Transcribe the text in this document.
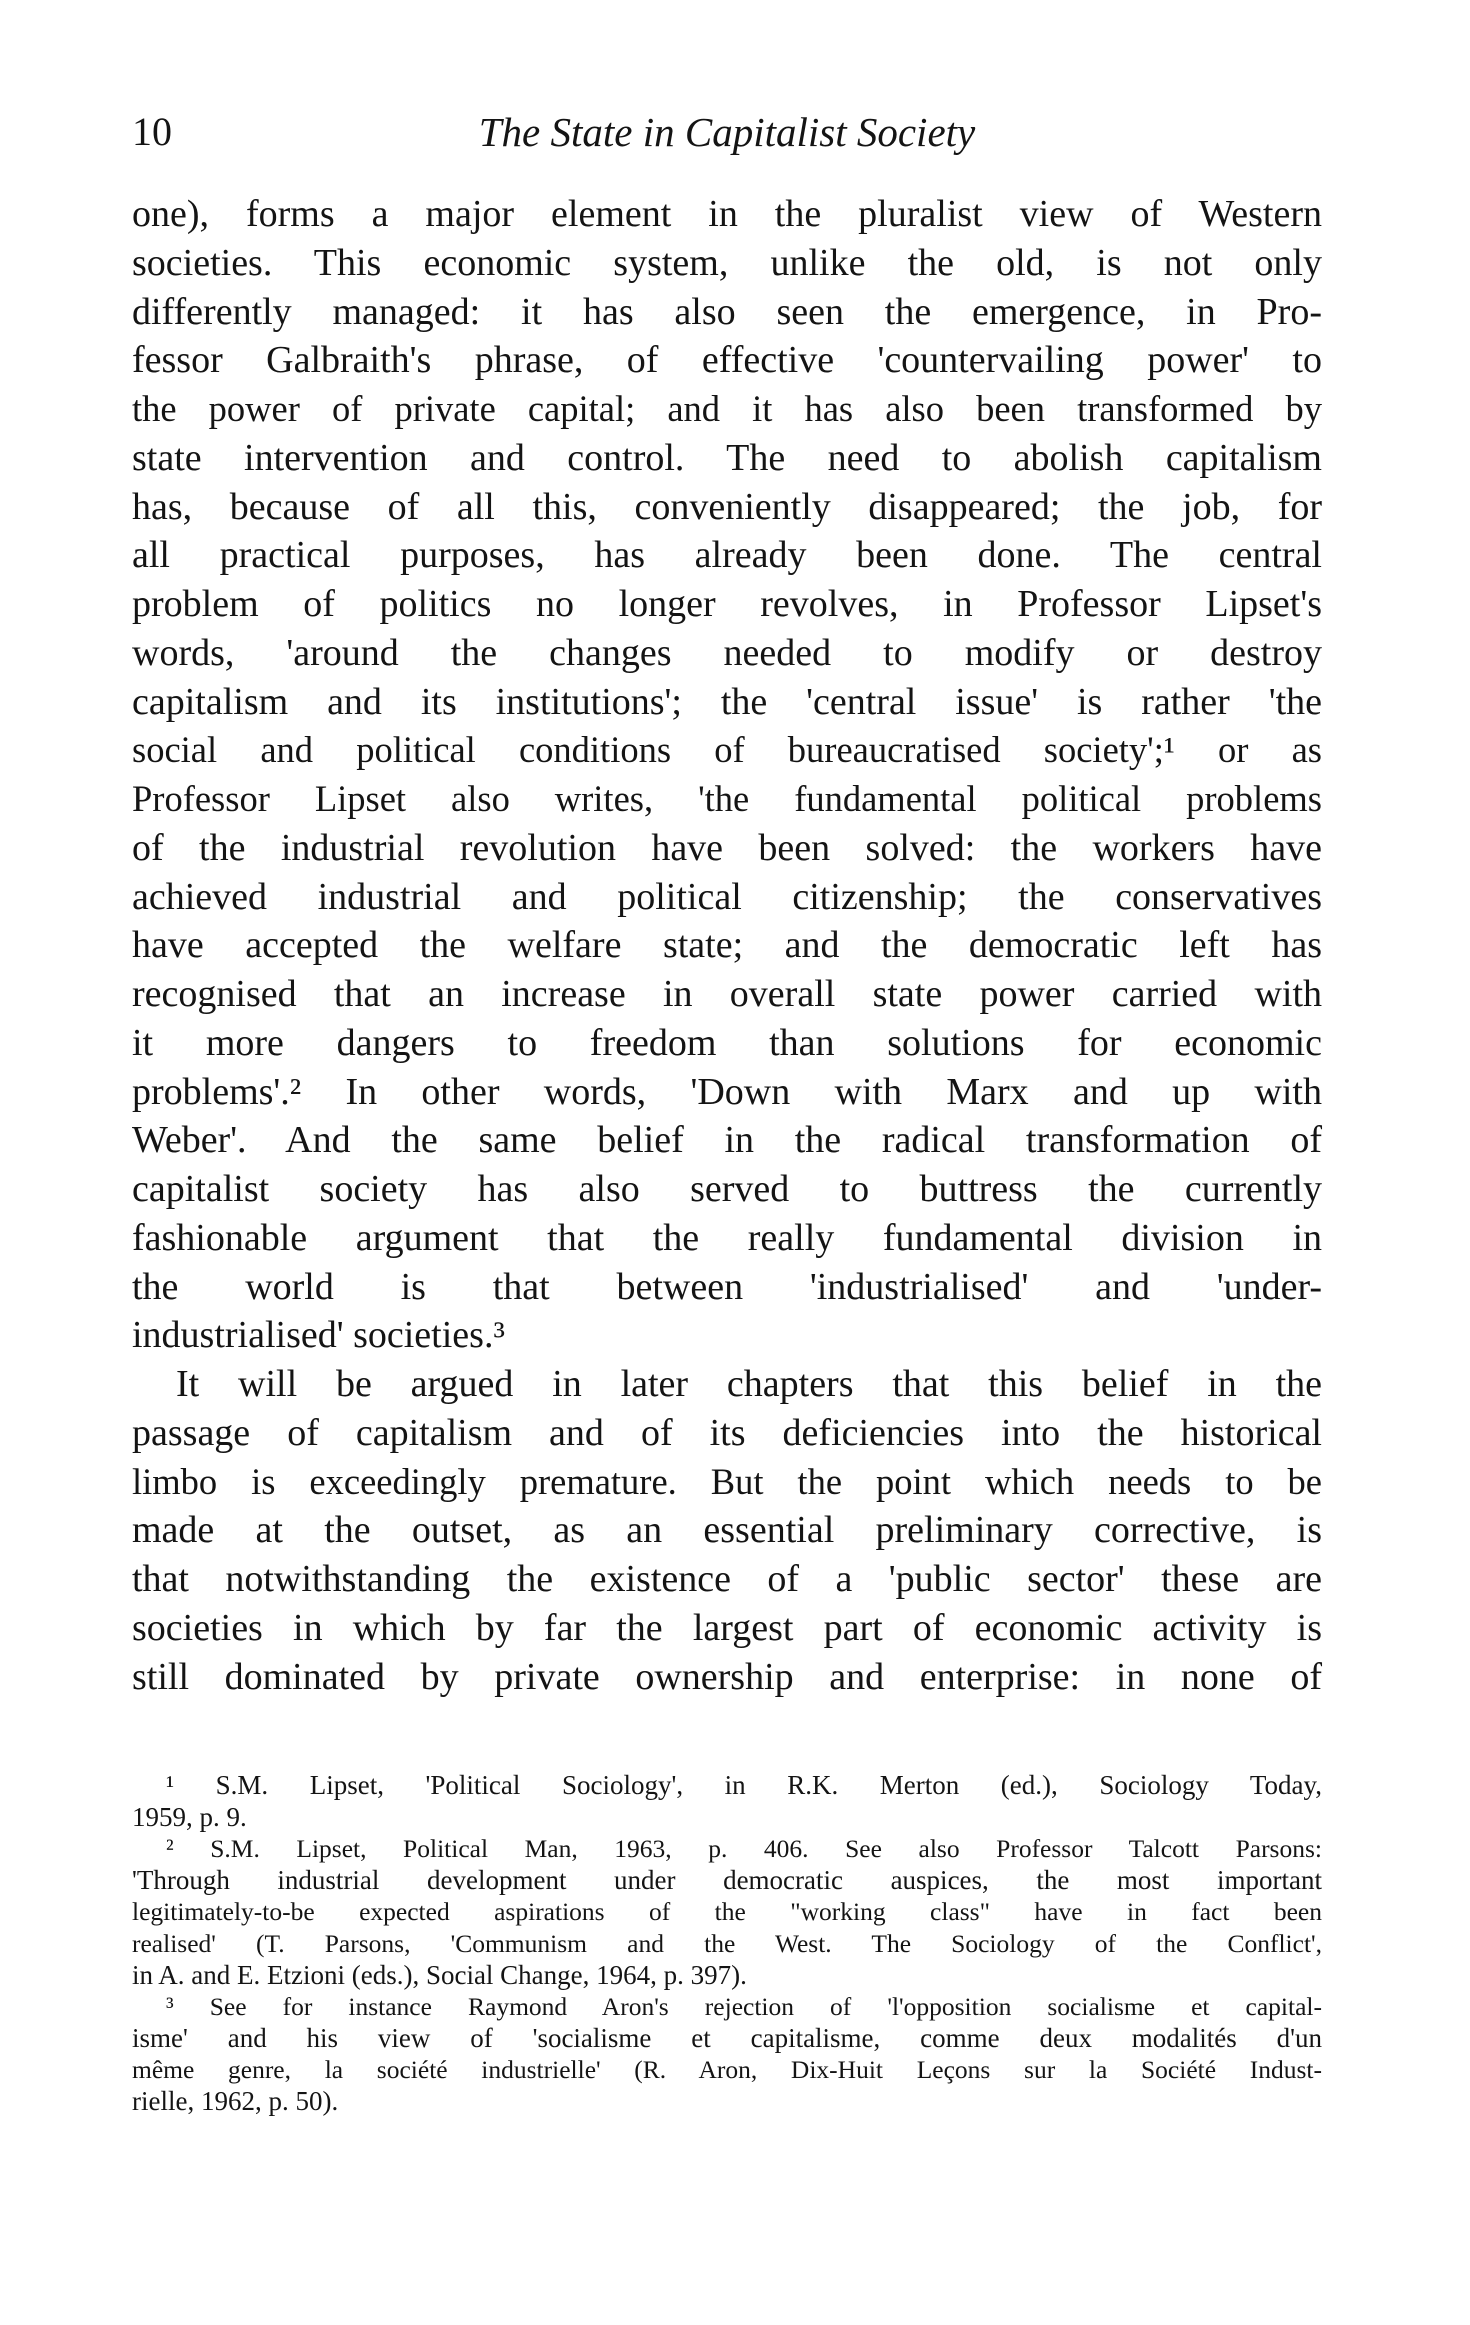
10	The State in Capitalist Society
one), forms a major element in the pluralist view of Western
societies. This economic system, unlike the old, is not only
differently managed: it has also seen the emergence, in Pro-
fessor Galbraith's phrase, of effective 'countervailing power' to
the power of private capital; and it has also been transformed by
state intervention and control. The need to abolish capitalism
has, because of all this, conveniently disappeared; the job, for
all practical purposes, has already been done. The central
problem of politics no longer revolves, in Professor Lipset's
words, 'around the changes needed to modify or destroy
capitalism and its institutions'; the 'central issue' is rather 'the
social and political conditions of bureaucratised society';¹ or as
Professor Lipset also writes, 'the fundamental political problems
of the industrial revolution have been solved: the workers have
achieved industrial and political citizenship; the conservatives
have accepted the welfare state; and the democratic left has
recognised that an increase in overall state power carried with
it more dangers to freedom than solutions for economic
problems'.² In other words, 'Down with Marx and up with
Weber'. And the same belief in the radical transformation of
capitalist society has also served to buttress the currently
fashionable argument that the really fundamental division in
the world is that between 'industrialised' and 'under-
industrialised' societies.³
It will be argued in later chapters that this belief in the
passage of capitalism and of its deficiencies into the historical
limbo is exceedingly premature. But the point which needs to be
made at the outset, as an essential preliminary corrective, is
that notwithstanding the existence of a 'public sector' these are
societies in which by far the largest part of economic activity is
still dominated by private ownership and enterprise: in none of
¹ S.M. Lipset, 'Political Sociology', in R.K. Merton (ed.), Sociology Today,
1959, p. 9.
² S.M. Lipset, Political Man, 1963, p. 406. See also Professor Talcott Parsons:
'Through industrial development under democratic auspices, the most important
legitimately-to-be expected aspirations of the "working class" have in fact been
realised' (T. Parsons, 'Communism and the West. The Sociology of the Conflict',
in A. and E. Etzioni (eds.), Social Change, 1964, p. 397).
³ See for instance Raymond Aron's rejection of 'l'opposition socialisme et capital-
isme' and his view of 'socialisme et capitalisme, comme deux modalités d'un
même genre, la société industrielle' (R. Aron, Dix-Huit Leçons sur la Société Indust-
rielle, 1962, p. 50).
